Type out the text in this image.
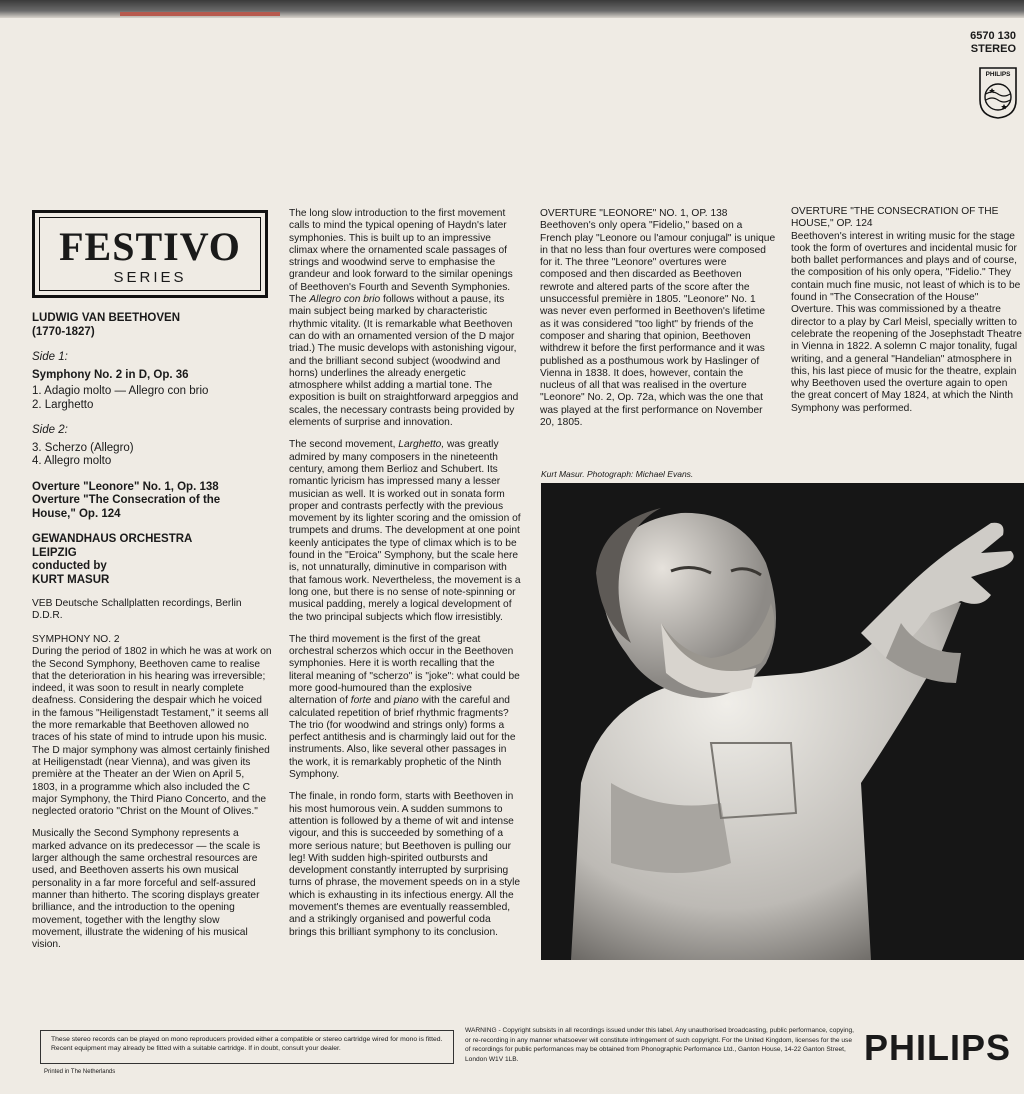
6570 130
STEREO
PHILIPS
FESTIVO
SERIES
LUDWIG VAN BEETHOVEN
(1770-1827)
Side 1:
Symphony No. 2 in D, Op. 36
1. Adagio molto — Allegro con brio
2. Larghetto
Side 2:
3. Scherzo (Allegro)
4. Allegro molto
Overture "Leonore" No. 1, Op. 138
Overture "The Consecration of the
House," Op. 124
GEWANDHAUS ORCHESTRA
LEIPZIG
conducted by
KURT MASUR
VEB Deutsche Schallplatten recordings, Berlin
D.D.R.
SYMPHONY NO. 2

During the period of 1802 in which he was at work on the Second Symphony, Beethoven came to realise that the deterioration in his hearing was irreversible; indeed, it was soon to result in nearly complete deafness. Considering the despair which he voiced in the famous "Heiligenstadt Testament," it seems all the more remarkable that Beethoven allowed no traces of his state of mind to intrude upon his music. The D major symphony was almost certainly finished at Heiligenstadt (near Vienna), and was given its première at the Theater an der Wien on April 5, 1803, in a programme which also included the C major Symphony, the Third Piano Concerto, and the neglected oratorio "Christ on the Mount of Olives."

Musically the Second Symphony represents a marked advance on its predecessor — the scale is larger although the same orchestral resources are used, and Beethoven asserts his own musical personality in a far more forceful and self-assured manner than hitherto. The scoring displays greater brilliance, and the introduction to the opening movement, together with the lengthy slow movement, illustrate the widening of his musical vision.

The long slow introduction to the first movement calls to mind the typical opening of Haydn's later symphonies. This is built up to an impressive climax where the ornamented scale passages of strings and woodwind serve to emphasise the grandeur and look forward to the similar openings of Beethoven's Fourth and Seventh Symphonies. The Allegro con brio follows without a pause, its main subject being marked by characteristic rhythmic vitality. (It is remarkable what Beethoven can do with an ornamented version of the D major triad.) The music develops with astonishing vigour, and the brilliant second subject (woodwind and horns) underlines the already energetic atmosphere whilst adding a martial tone. The exposition is built on straightforward arpeggios and scales, the necessary contrasts being provided by elements of surprise and innovation.

The second movement, Larghetto, was greatly admired by many composers in the nineteenth century, among them Berlioz and Schubert. Its romantic lyricism has impressed many a lesser musician as well. It is worked out in sonata form proper and contrasts perfectly with the previous movement by its lighter scoring and the omission of trumpets and drums. The development at one point keenly anticipates the type of climax which is to be found in the "Eroica" Symphony, but the scale here is, not unnaturally, diminutive in comparison with that famous work. Nevertheless, the movement is a long one, but there is no sense of note-spinning or musical padding, merely a logical development of the two principal subjects which flow irresistibly.

The third movement is the first of the great orchestral scherzos which occur in the Beethoven symphonies. Here it is worth recalling that the literal meaning of "scherzo" is "joke": what could be more good-humoured than the explosive alternation of forte and piano with the careful and calculated repetition of brief rhythmic fragments? The trio (for woodwind and strings only) forms a perfect antithesis and is charmingly laid out for the instruments. Also, like several other passages in the work, it is remarkably prophetic of the Ninth Symphony.

The finale, in rondo form, starts with Beethoven in his most humorous vein. A sudden summons to attention is followed by a theme of wit and intense vigour, and this is succeeded by something of a more serious nature; but Beethoven is pulling our leg! With sudden high-spirited outbursts and development constantly interrupted by surprising turns of phrase, the movement speeds on in a style which is exhausting in its infectious energy. All the movement's themes are eventually reassembled, and a strikingly organised and powerful coda brings this brilliant symphony to its conclusion.

OVERTURE "LEONORE" NO. 1, OP. 138

Beethoven's only opera "Fidelio," based on a French play "Leonore ou l'amour conjugal" is unique in that no less than four overtures were composed for it. The three "Leonore" overtures were composed and then discarded as Beethoven rewrote and altered parts of the score after the unsuccessful première in 1805. "Leonore" No. 1 was never even performed in Beethoven's lifetime as it was considered "too light" by friends of the composer and sharing that opinion, Beethoven withdrew it before the first performance and it was published as a posthumous work by Haslinger of Vienna in 1838. It does, however, contain the nucleus of all that was realised in the overture "Leonore" No. 2, Op. 72a, which was the one that was played at the first performance on November 20, 1805.

OVERTURE "THE CONSECRATION OF THE HOUSE," OP. 124

Beethoven's interest in writing music for the stage took the form of overtures and incidental music for both ballet performances and plays and of course, the composition of his only opera, "Fidelio." They contain much fine music, not least of which is to be found in "The Consecration of the House" Overture. This was commissioned by a theatre director to a play by Carl Meisl, specially written to celebrate the reopening of the Josephstadt Theatre in Vienna in 1822. A solemn C major tonality, fugal writing, and a general "Handelian" atmosphere in this, his last piece of music for the theatre, explain why Beethoven used the overture again to open the great concert of May 1824, at which the Ninth Symphony was performed.

Kurt Masur. Photograph: Michael Evans.
These stereo records can be played on mono reproducers provided either a compatible or stereo cartridge wired for mono is fitted. Recent equipment may already be fitted with a suitable cartridge. If in doubt, consult your dealer.
Printed in The Netherlands
WARNING - Copyright subsists in all recordings issued under this label. Any unauthorised broadcasting, public performance, copying, or re-recording in any manner whatsoever will constitute infringement of such copyright. For the United Kingdom, licenses for the use of recordings for public performances may be obtained from Phonographic Performance Ltd., Ganton House, 14-22 Ganton Street, London W1V 1LB.	PHILIPS
